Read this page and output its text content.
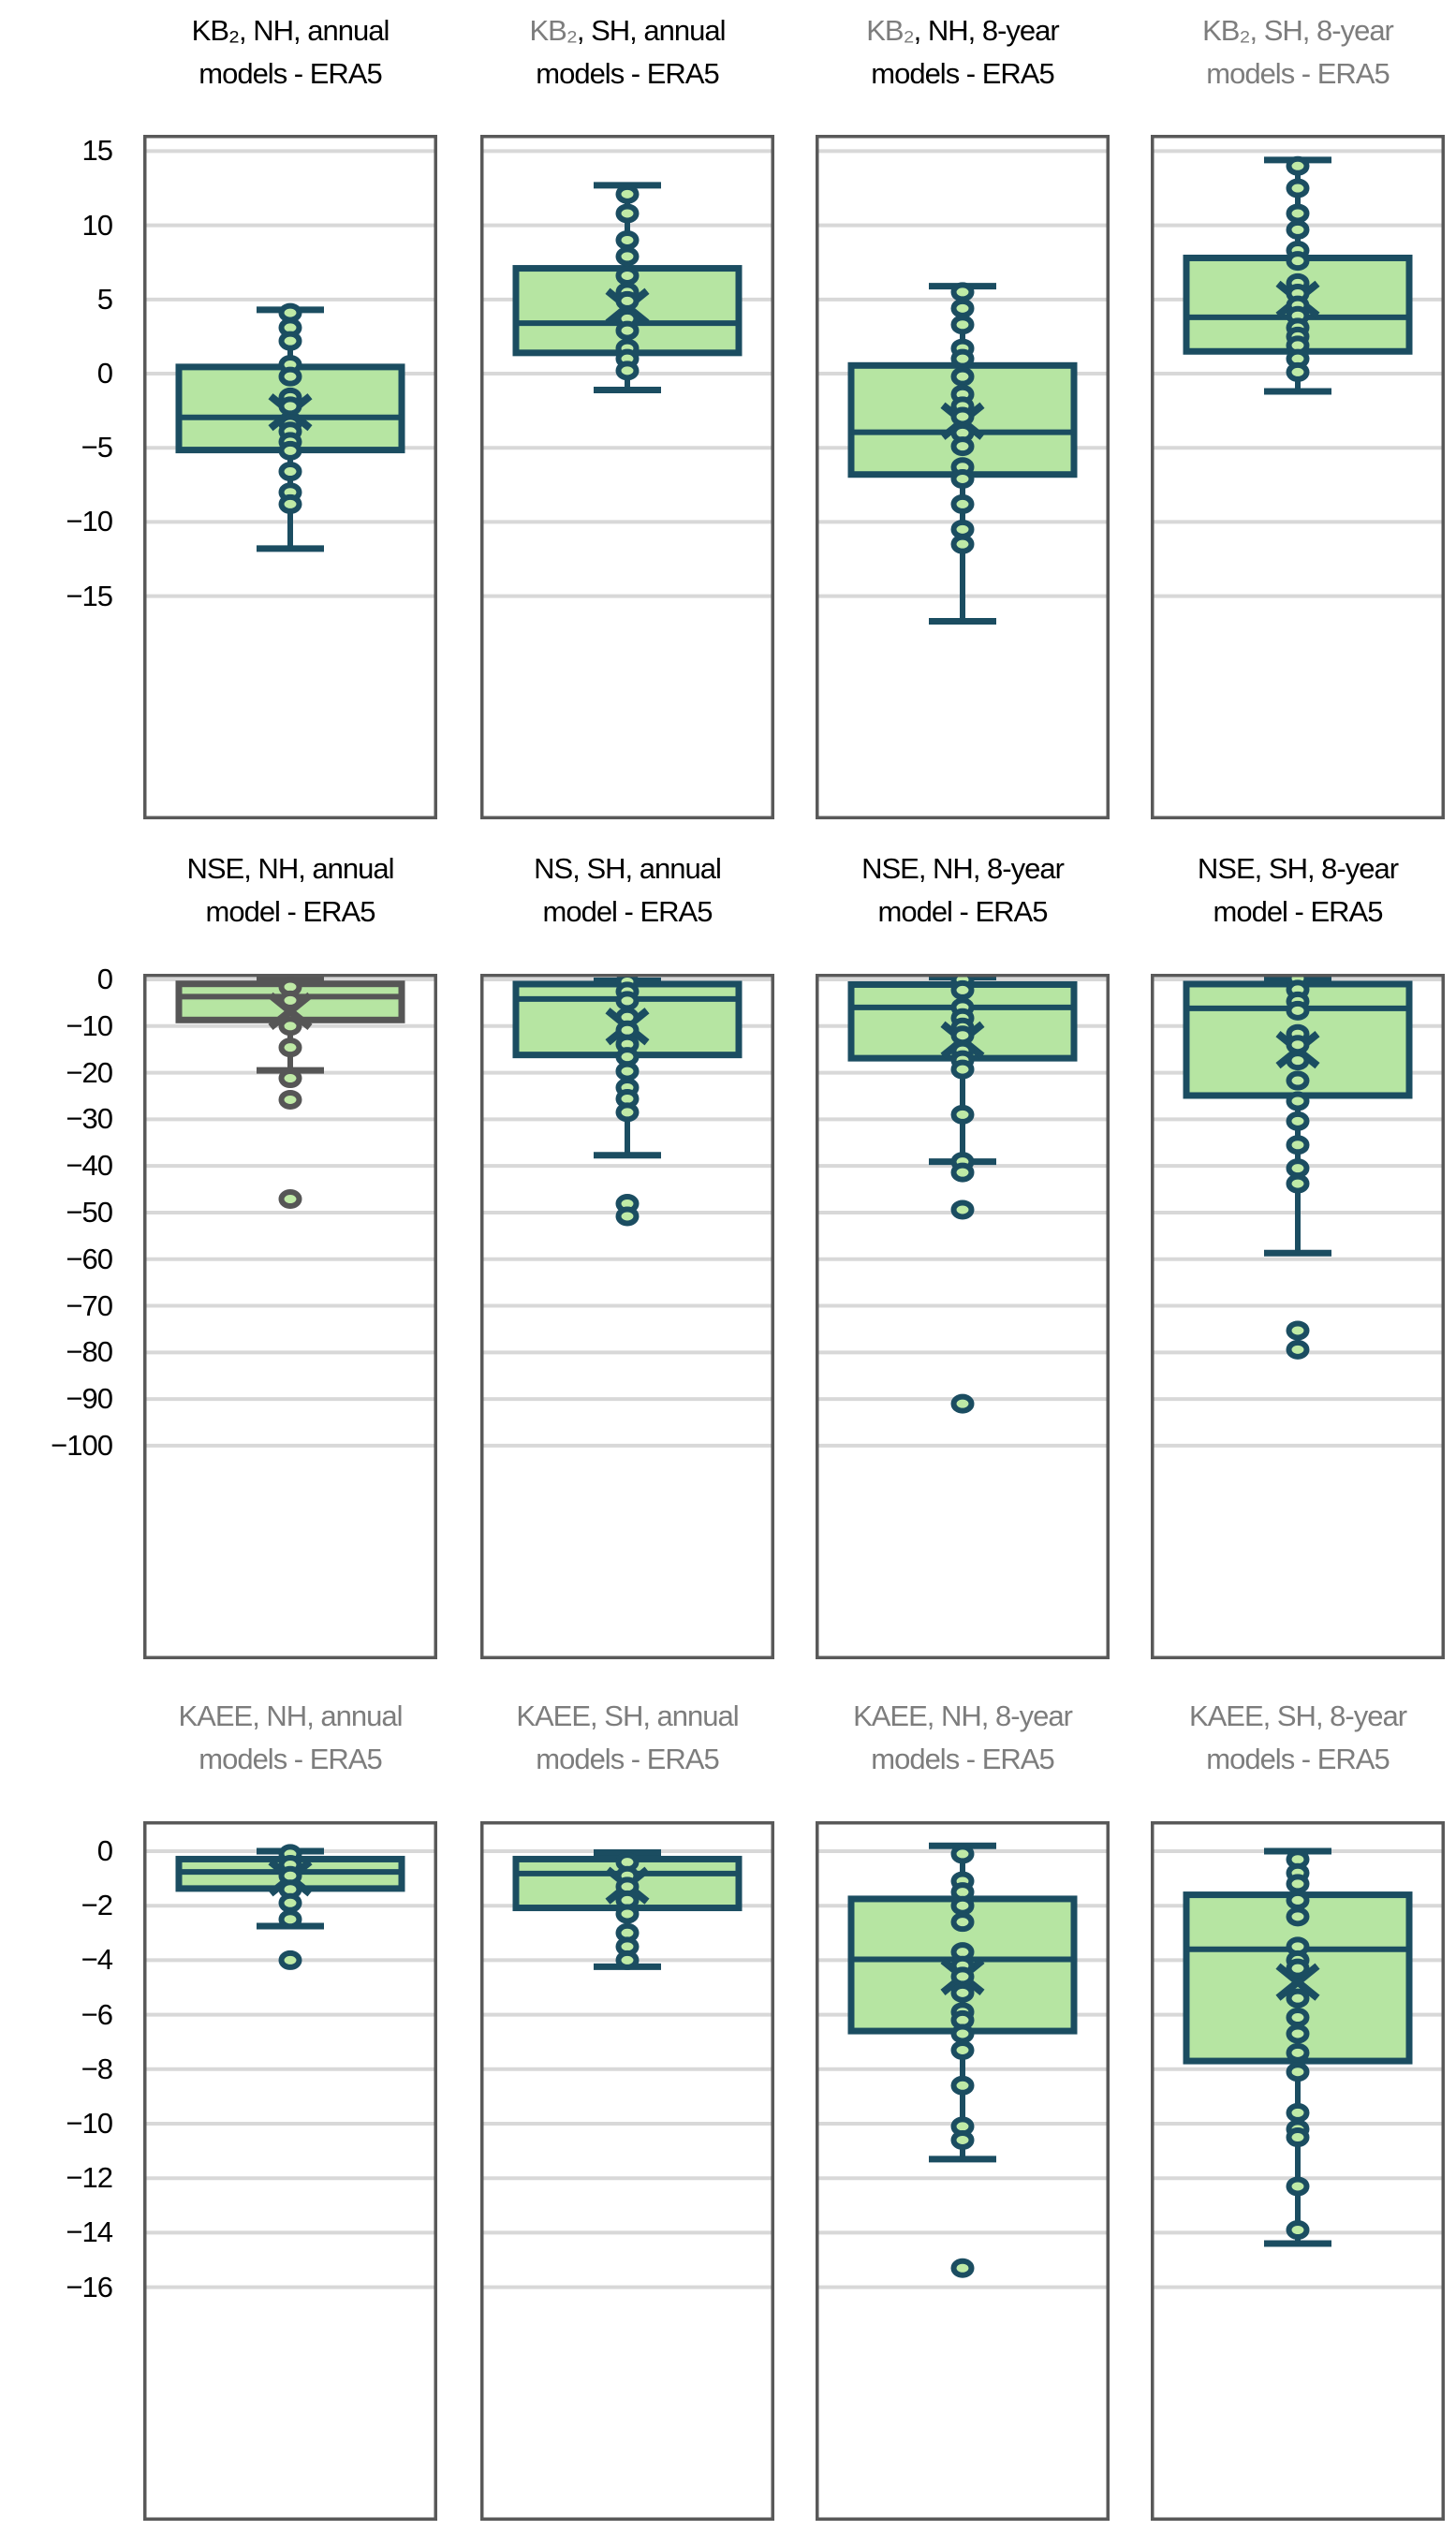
15
10
5
0
−5
−10
−15
KB₂, NH, annual
models - ERA5
KB₂, SH, annual
models - ERA5
KB₂, NH, 8-year
models - ERA5
KB₂, SH, 8-year
models - ERA5
0
−10
−20
−30
−40
−50
−60
−70
−80
−90
−100
NSE, NH, annual
model - ERA5
NS, SH, annual
model - ERA5
NSE, NH, 8-year
model - ERA5
NSE, SH, 8-year
model - ERA5
0
−2
−4
−6
−8
−10
−12
−14
−16
KAEE, NH, annual
models - ERA5
KAEE, SH, annual
models - ERA5
KAEE, NH, 8-year
models - ERA5
KAEE, SH, 8-year
models - ERA5
